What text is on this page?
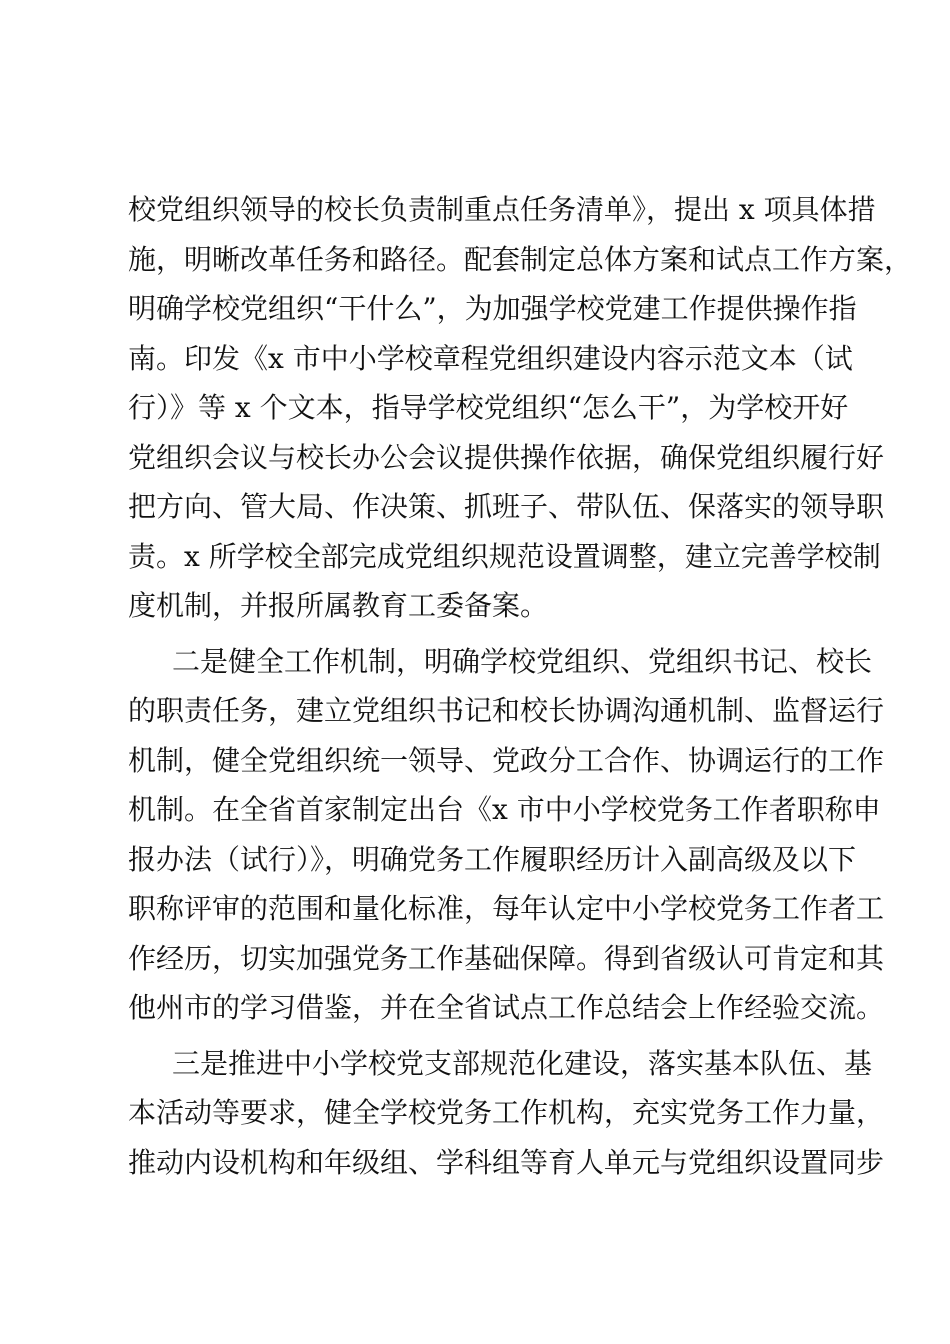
校党组织领导的校长负责制重点任务清单》，提出 x 项具体措
施，明晰改革任务和路径。配套制定总体方案和试点工作方案，
明确学校党组织“干什么”，为加强学校党建工作提供操作指
南。印发《x 市中小学校章程党组织建设内容示范文本（试
行）》等 x 个文本，指导学校党组织“怎么干”，为学校开好
党组织会议与校长办公会议提供操作依据，确保党组织履行好
把方向、管大局、作决策、抓班子、带队伍、保落实的领导职
责。x 所学校全部完成党组织规范设置调整，建立完善学校制
度机制，并报所属教育工委备案。
二是健全工作机制，明确学校党组织、党组织书记、校长
的职责任务，建立党组织书记和校长协调沟通机制、监督运行
机制，健全党组织统一领导、党政分工合作、协调运行的工作
机制。在全省首家制定出台《x 市中小学校党务工作者职称申
报办法（试行）》，明确党务工作履职经历计入副高级及以下
职称评审的范围和量化标准，每年认定中小学校党务工作者工
作经历，切实加强党务工作基础保障。得到省级认可肯定和其
他州市的学习借鉴，并在全省试点工作总结会上作经验交流。
三是推进中小学校党支部规范化建设，落实基本队伍、基
本活动等要求，健全学校党务工作机构，充实党务工作力量，
推动内设机构和年级组、学科组等育人单元与党组织设置同步
